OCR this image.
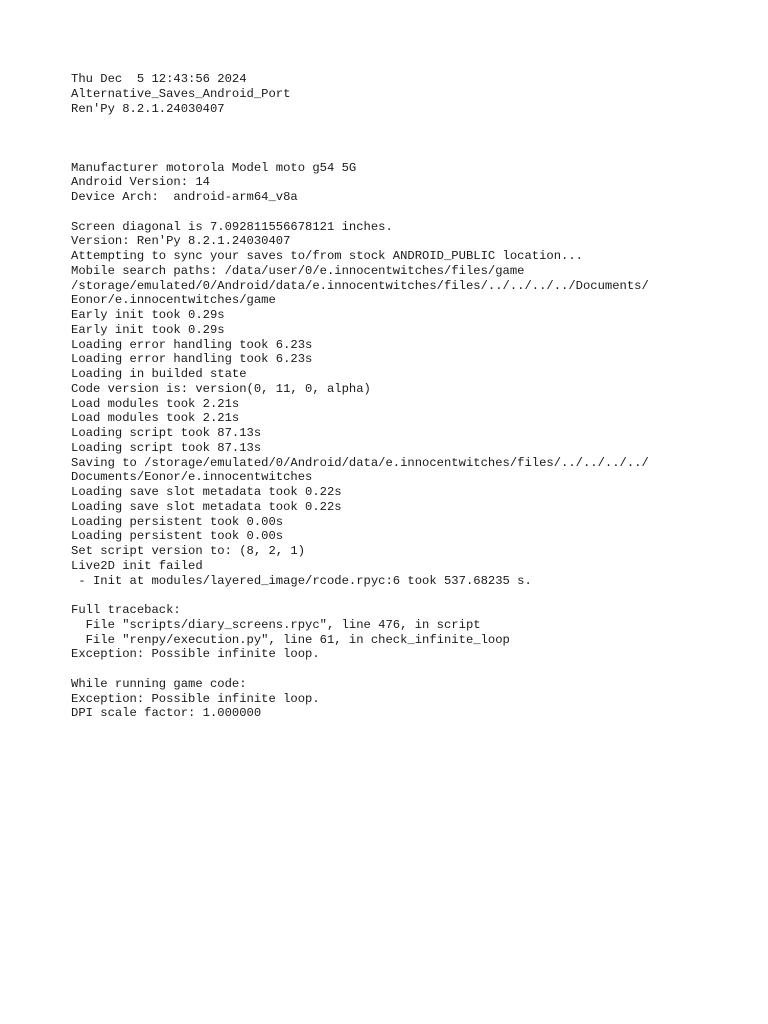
Thu Dec  5 12:43:56 2024
Alternative_Saves_Android_Port
Ren'Py 8.2.1.24030407
Manufacturer motorola Model moto g54 5G
Android Version: 14
Device Arch:  android-arm64_v8a
Screen diagonal is 7.092811556678121 inches.
Version: Ren'Py 8.2.1.24030407
Attempting to sync your saves to/from stock ANDROID_PUBLIC location...
Mobile search paths: /data/user/0/e.innocentwitches/files/game
/storage/emulated/0/Android/data/e.innocentwitches/files/../../../../Documents/
Eonor/e.innocentwitches/game
Early init took 0.29s
Early init took 0.29s
Loading error handling took 6.23s
Loading error handling took 6.23s
Loading in builded state
Code version is: version(0, 11, 0, alpha)
Load modules took 2.21s
Load modules took 2.21s
Loading script took 87.13s
Loading script took 87.13s
Saving to /storage/emulated/0/Android/data/e.innocentwitches/files/../../../../
Documents/Eonor/e.innocentwitches
Loading save slot metadata took 0.22s
Loading save slot metadata took 0.22s
Loading persistent took 0.00s
Loading persistent took 0.00s
Set script version to: (8, 2, 1)
Live2D init failed
- Init at modules/layered_image/rcode.rpyc:6 took 537.68235 s.
Full traceback:
File "scripts/diary_screens.rpyc", line 476, in script
File "renpy/execution.py", line 61, in check_infinite_loop
Exception: Possible infinite loop.
While running game code:
Exception: Possible infinite loop.
DPI scale factor: 1.000000
